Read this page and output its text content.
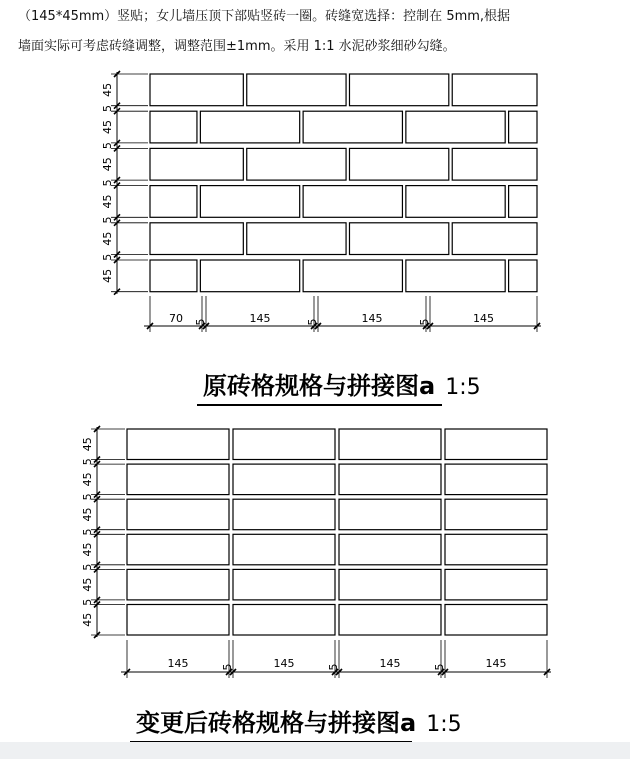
（145*45mm）竖贴；女儿墙压顶下部贴竖砖一圈。砖缝宽选择：控制在 5mm,根据

墙面实际可考虑砖缝调整，调整范围±1mm。采用 1:1 水泥砂浆细砂勾缝。

45
5
45
5
45
5
45
5
45
5
45
70 5	145	5	145	5	145
45
5
45
5
45
5
45
5
45
5
45
145	5	145	5	145	5	145
原砖格规格与拼接图a 1:5
变更后砖格规格与拼接图a 1:5
